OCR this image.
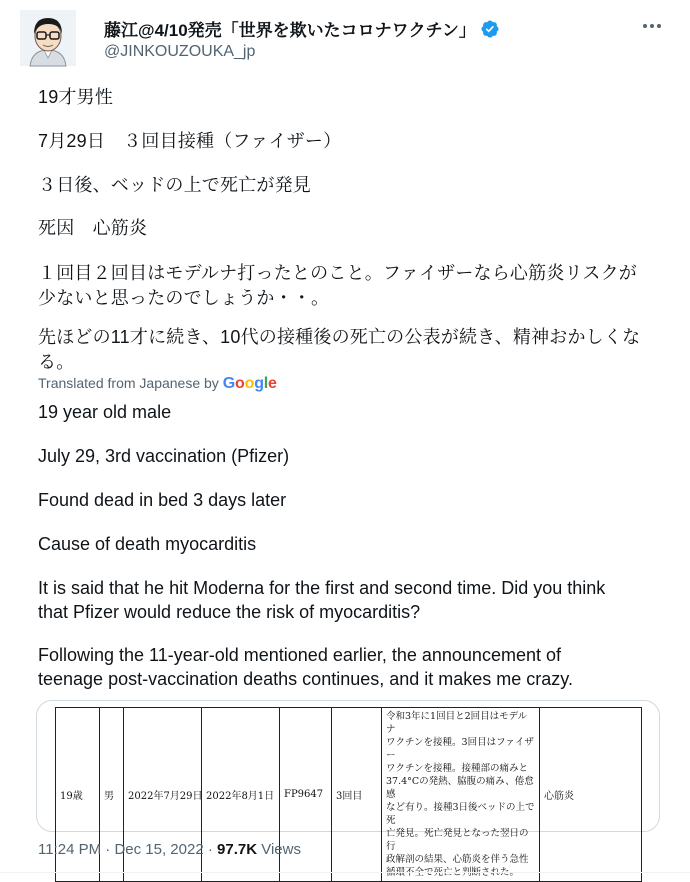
藤江@4/10発売「世界を欺いたコロナワクチン」
@JINKOUZOUKA_jp
19才男性
7月29日　３回目接種（ファイザー）
３日後、ベッドの上で死亡が発見
死因　心筋炎
１回目２回目はモデルナ打ったとのこと。ファイザーなら心筋炎リスクが
少ないと思ったのでしょうか・・。
先ほどの11才に続き、10代の接種後の死亡の公表が続き、精神おかしくな
る。
Translated from Japanese by Google
19 year old male
July 29, 3rd vaccination (Pfizer)
Found dead in bed 3 days later
Cause of death myocarditis
It is said that he hit Moderna for the first and second time. Did you think
that Pfizer would reduce the risk of myocarditis?
Following the 11-year-old mentioned earlier, the announcement of
teenage post-vaccination deaths continues, and it makes me crazy.
19歳	男	2022年7月29日	2022年8月1日	FP9647	3回目	
令和3年に1回目と2回目はモデルナ
ワクチンを接種。3回目はファイザー
ワクチンを接種。接種部の痛みと
37.4°Cの発熱、脇腹の痛み、倦怠感
など有り。接種3日後ベッドの上で死
亡発見。死亡発見となった翌日の行
政解剖の結果、心筋炎を伴う急性
	心筋炎
11:24 PM · Dec 15, 2022 · 97.7K Views
